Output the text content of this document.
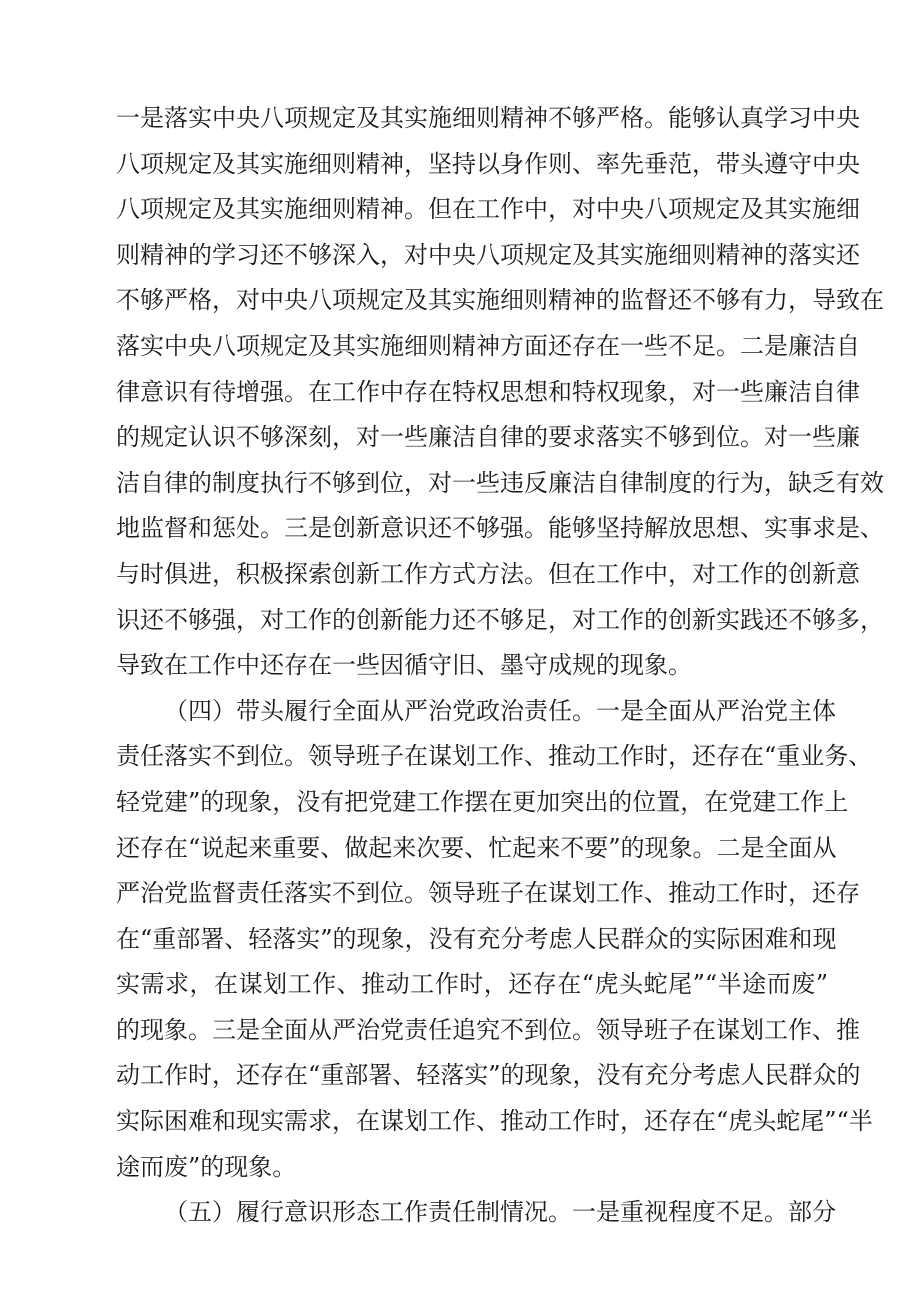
一是落实中央八项规定及其实施细则精神不够严格。能够认真学习中央
八项规定及其实施细则精神，坚持以身作则、率先垂范，带头遵守中央
八项规定及其实施细则精神。但在工作中，对中央八项规定及其实施细
则精神的学习还不够深入，对中央八项规定及其实施细则精神的落实还
不够严格，对中央八项规定及其实施细则精神的监督还不够有力，导致在
落实中央八项规定及其实施细则精神方面还存在一些不足。二是廉洁自
律意识有待增强。在工作中存在特权思想和特权现象，对一些廉洁自律
的规定认识不够深刻，对一些廉洁自律的要求落实不够到位。对一些廉
洁自律的制度执行不够到位，对一些违反廉洁自律制度的行为，缺乏有效
地监督和惩处。三是创新意识还不够强。能够坚持解放思想、实事求是、
与时俱进，积极探索创新工作方式方法。但在工作中，对工作的创新意
识还不够强，对工作的创新能力还不够足，对工作的创新实践还不够多，
导致在工作中还存在一些因循守旧、墨守成规的现象。
（四）带头履行全面从严治党政治责任。一是全面从严治党主体
责任落实不到位。领导班子在谋划工作、推动工作时，还存在“重业务、
轻党建”的现象，没有把党建工作摆在更加突出的位置，在党建工作上
还存在“说起来重要、做起来次要、忙起来不要”的现象。二是全面从
严治党监督责任落实不到位。领导班子在谋划工作、推动工作时，还存
在“重部署、轻落实”的现象，没有充分考虑人民群众的实际困难和现
实需求，在谋划工作、推动工作时，还存在“虎头蛇尾”“半途而废”
的现象。三是全面从严治党责任追究不到位。领导班子在谋划工作、推
动工作时，还存在“重部署、轻落实”的现象，没有充分考虑人民群众的
实际困难和现实需求，在谋划工作、推动工作时，还存在“虎头蛇尾”“半
途而废”的现象。
（五）履行意识形态工作责任制情况。一是重视程度不足。部分
